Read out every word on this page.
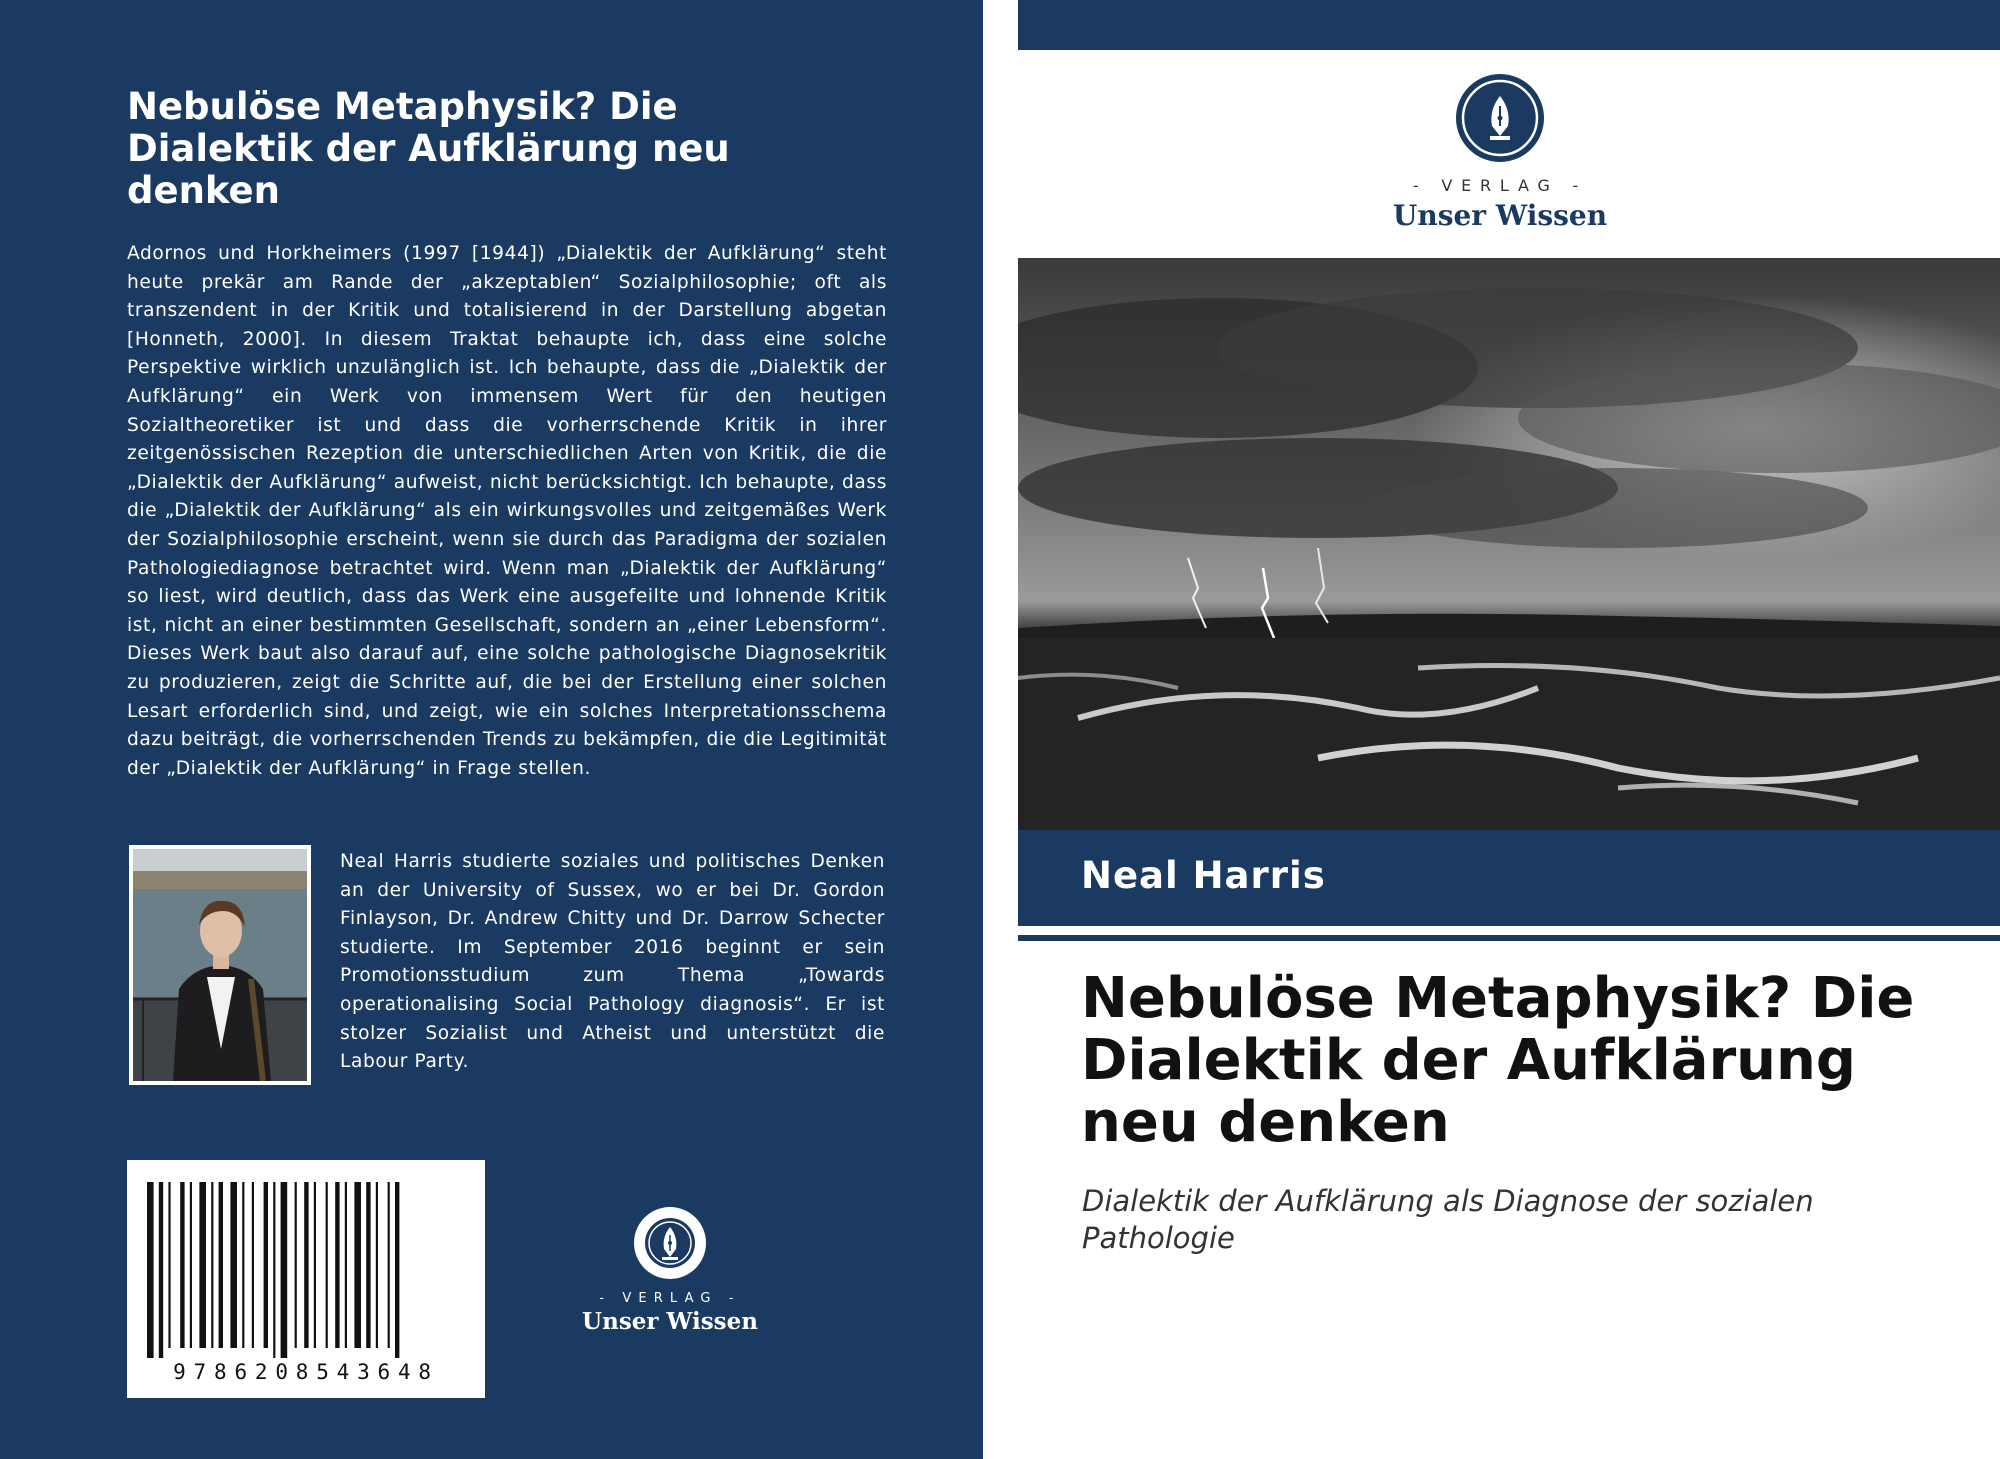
Nebulöse Metaphysik? Die Dialektik der Aufklärung neu denken

Adornos und Horkheimers (1997 [1944]) „Dialektik der Aufklärung“ steht heute prekär am Rande der „akzeptablen“ Sozialphilosophie; oft als transzendent in der Kritik und totalisierend in der Darstellung abgetan [Honneth, 2000]. In diesem Traktat behaupte ich, dass eine solche Perspektive wirklich unzulänglich ist. Ich behaupte, dass die „Dialektik der Aufklärung“ ein Werk von immensem Wert für den heutigen Sozialtheoretiker ist und dass die vorherrschende Kritik in ihrer zeitgenössischen Rezeption die unterschiedlichen Arten von Kritik, die die „Dialektik der Aufklärung“ aufweist, nicht berücksichtigt. Ich behaupte, dass die „Dialektik der Aufklärung“ als ein wirkungsvolles und zeitgemäßes Werk der Sozialphilosophie erscheint, wenn sie durch das Paradigma der sozialen Pathologiediagnose betrachtet wird. Wenn man „Dialektik der Aufklärung“ so liest, wird deutlich, dass das Werk eine ausgefeilte und lohnende Kritik ist, nicht an einer bestimmten Gesellschaft, sondern an „einer Lebensform“. Dieses Werk baut also darauf auf, eine solche pathologische Diagnosekritik zu produzieren, zeigt die Schritte auf, die bei der Erstellung einer solchen Lesart erforderlich sind, und zeigt, wie ein solches Interpretationsschema dazu beiträgt, die vorherrschenden Trends zu bekämpfen, die die Legitimität der „Dialektik der Aufklärung“ in Frage stellen.

Neal Harris studierte soziales und politisches Denken an der University of Sussex, wo er bei Dr. Gordon Finlayson, Dr. Andrew Chitty und Dr. Darrow Schecter studierte. Im September 2016 beginnt er sein Promotionsstudium zum Thema „Towards operationalising Social Pathology diagnosis“. Er ist stolzer Sozialist und Atheist und unterstützt die Labour Party.

9786208543648
- VERLAG -
Unser Wissen
- VERLAG -
Unser Wissen
Neal Harris
Nebulöse Metaphysik? Die Dialektik der Aufklärung neu denken

Dialektik der Aufklärung als Diagnose der sozialen Pathologie
